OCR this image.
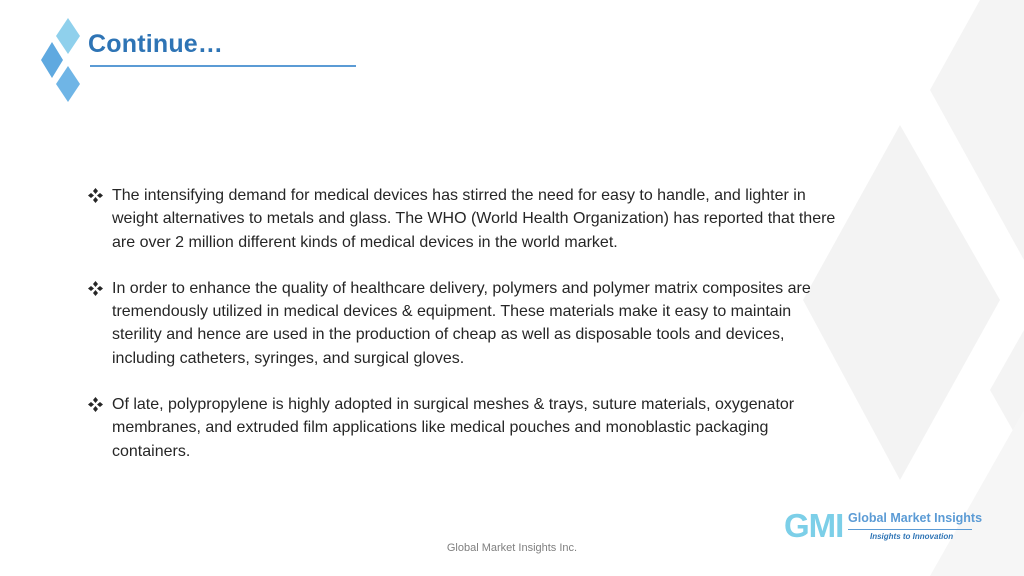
Continue…
The intensifying demand for medical devices has stirred the need for easy to handle, and lighter in weight alternatives to metals and glass. The WHO (World Health Organization) has reported that there are over 2 million different kinds of medical devices in the world market.
In order to enhance the quality of healthcare delivery, polymers and polymer matrix composites are tremendously utilized in medical devices & equipment. These materials make it easy to maintain sterility and hence are used in the production of cheap as well as disposable tools and devices, including catheters, syringes, and surgical gloves.
Of late, polypropylene is highly adopted in surgical meshes & trays, suture materials, oxygenator membranes, and extruded film applications like medical pouches and monoblastic packaging containers.
GMI Global Market Insights
Insights to Innovation
Global Market Insights Inc.
